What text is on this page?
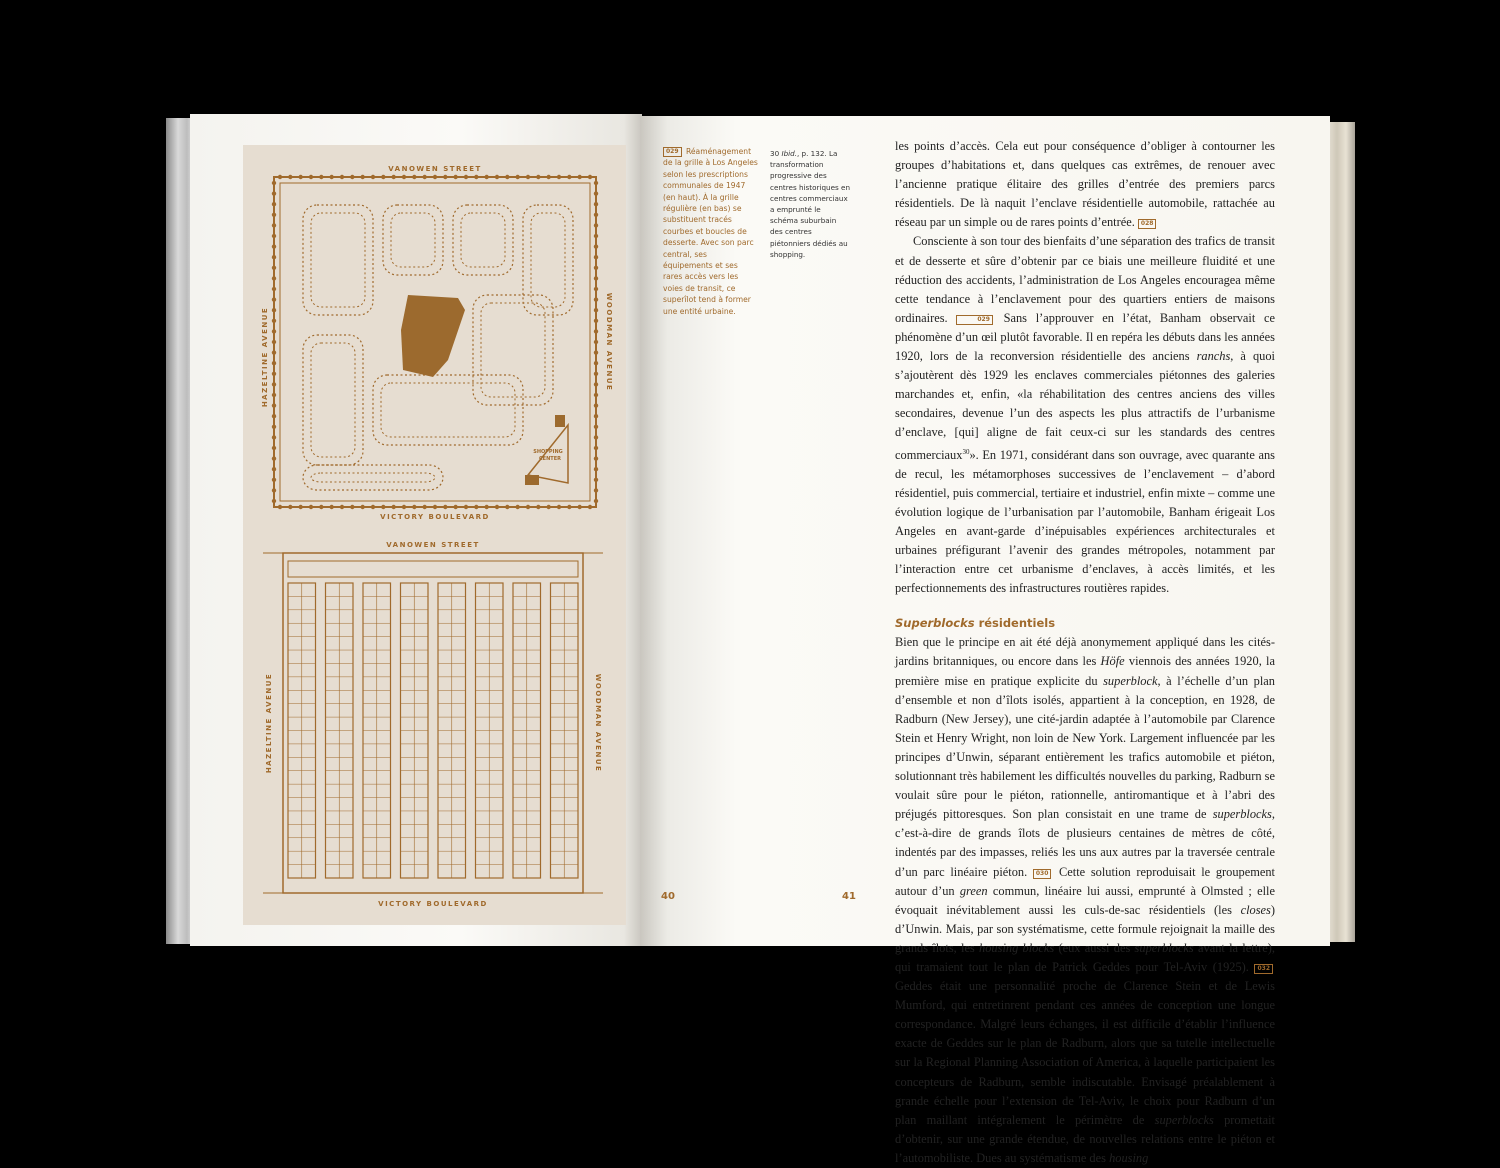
VANOWEN STREET
VICTORY BOULEVARD
HAZELTINE AVENUE	WOODMAN AVENUE
SHOPPING
CENTER
VANOWEN STREET
VICTORY BOULEVARD
HAZELTINE AVENUE	WOODMAN AVENUE
029 Réaménagement de la grille à Los Angeles selon les prescriptions communales de 1947 (en haut). À la grille régulière (en bas) se substituent tracés courbes et boucles de desserte. Avec son parc central, ses équipements et ses rares accès vers les voies de transit, ce superîlot tend à former une entité urbaine.
30 Ibid., p. 132. La transformation progressive des centres historiques en centres commerciaux a emprunté le schéma suburbain des centres piétonniers dédiés au shopping.
40	41

les points d’accès. Cela eut pour conséquence d’obliger à contourner les groupes d’habitations et, dans quelques cas extrêmes, de renouer avec l’ancienne pratique élitaire des grilles d’entrée des premiers parcs résidentiels. De là naquit l’enclave résidentielle automobile, rattachée au réseau par un simple ou de rares points d’entrée. 028

Consciente à son tour des bienfaits d’une séparation des trafics de transit et de desserte et sûre d’obtenir par ce biais une meilleure fluidité et une réduction des accidents, l’administration de Los Angeles encouragea même cette tendance à l’enclavement pour des quartiers entiers de maisons ordinaires.	029 Sans l’approuver en l’état, Banham observait ce phénomène d’un œil plutôt favorable. Il en repéra les débuts dans les années 1920, lors de la reconversion résidentielle des anciens ranchs, à quoi s’ajoutèrent dès 1929 les enclaves commerciales piétonnes des galeries marchandes et, enfin, «la réhabilitation des centres anciens des villes secondaires, devenue l’un des aspects les plus attractifs de l’urbanisme d’enclave, [qui] aligne de fait ceux-ci sur les standards des centres commerciaux$^{30}$». En 1971, considérant dans son ouvrage, avec quarante ans de recul, les métamorphoses successives de l’enclavement – d’abord résidentiel, puis commercial, tertiaire et industriel, enfin mixte – comme une évolution logique de l’urbanisation par l’automobile, Banham érigeait Los Angeles en avant-garde d’inépuisables expériences architecturales et urbaines préfigurant l’avenir des grandes métropoles, notamment par l’interaction entre cet urbanisme d’enclaves, à accès limités, et les perfectionnements des infrastructures routières rapides.

Superblocks résidentiels

Bien que le principe en ait été déjà anonymement appliqué dans les cités-jardins britanniques, ou encore dans les Höfe viennois des années 1920, la première mise en pratique explicite du superblock, à l’échelle d’un plan d’ensemble et non d’îlots isolés, appartient à la conception, en 1928, de Radburn (New Jersey), une cité-jardin adaptée à l’automobile par Clarence Stein et Henry Wright, non loin de New York. Largement influencée par les principes d’Unwin, séparant entièrement les trafics automobile et piéton, solutionnant très habilement les difficultés nouvelles du parking, Radburn se voulait sûre pour le piéton, rationnelle, antiromantique et à l’abri des préjugés pittoresques. Son plan consistait en une trame de superblocks, c’est-à-dire de grands îlots de plusieurs centaines de mètres de côté, indentés par des impasses, reliés les uns aux autres par la traversée centrale d’un parc linéaire piéton. 030 Cette solution reproduisait le groupement autour d’un green commun, linéaire lui aussi, emprunté à Olmsted ; elle évoquait inévitablement aussi les culs-de-sac résidentiels (les closes) d’Unwin. Mais, par son systématisme, cette formule rejoignait la maille des grands îlots, les housing blocks (eux aussi des superblocks avant la lettre), qui tramaient tout le plan de Patrick Geddes pour Tel-Aviv (1925). 032 Geddes était une personnalité proche de Clarence Stein et de Lewis Mumford, qui entretinrent pendant ces années de conception une longue correspondance. Malgré leurs échanges, il est difficile d’établir l’influence exacte de Geddes sur le plan de Radburn, alors que sa tutelle intellectuelle sur la Regional Planning Association of America, à laquelle participaient les concepteurs de Radburn, semble indiscutable. Envisagé préalablement à grande échelle pour l’extension de Tel-Aviv, le choix pour Radburn d’un plan maillant intégralement le périmètre de superblocks promettait d’obtenir, sur une grande étendue, de nouvelles relations entre le piéton et l’automobiliste. Dues au systématisme des housing
